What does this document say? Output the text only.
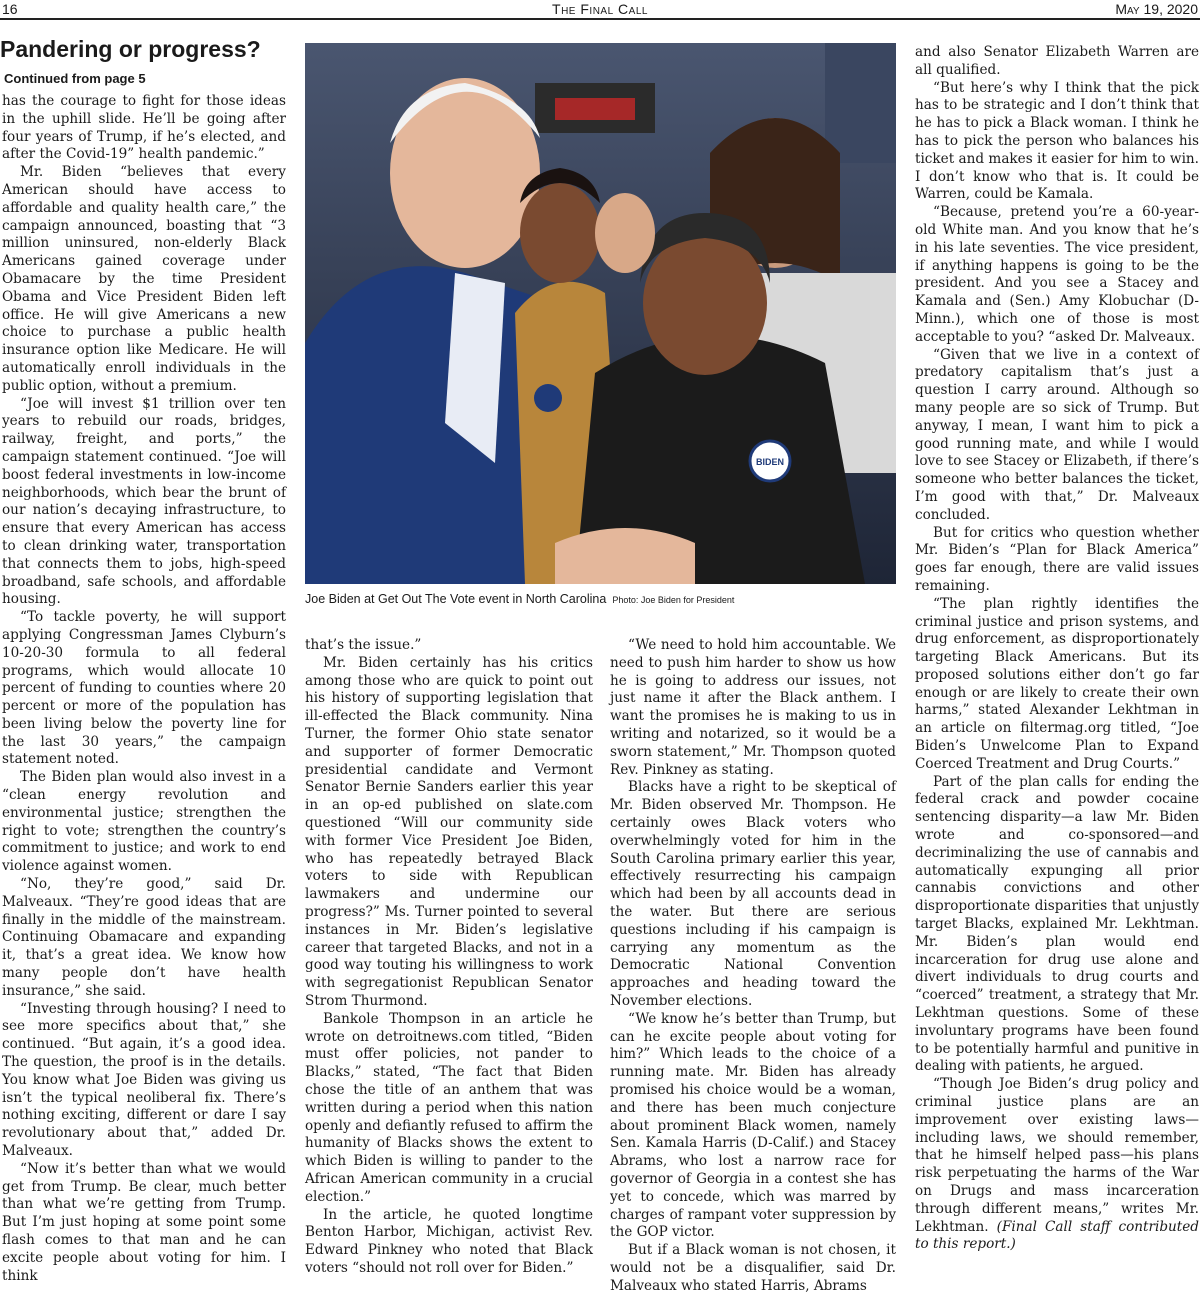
16	The Final Call	May 19, 2020
Pandering or progress?
Continued from page 5

has the courage to fight for those ideas in the uphill slide. He’ll be going after four years of Trump, if he’s elected, and after the Covid-19” health pandemic.”

Mr. Biden “believes that every American should have access to affordable and quality health care,” the campaign announced, boasting that “3 million uninsured, non-elderly Black Americans gained coverage under Obamacare by the time President Obama and Vice President Biden left office. He will give Americans a new choice to purchase a public health insurance option like Medicare. He will automatically enroll individuals in the public option, without a premium.

“Joe will invest $1 trillion over ten years to rebuild our roads, bridges, railway, freight, and ports,” the campaign statement continued. “Joe will boost federal investments in low-income neighborhoods, which bear the brunt of our nation’s decaying infrastructure, to ensure that every American has access to clean drinking water, transportation that connects them to jobs, high-speed broadband, safe schools, and affordable housing.

“To tackle poverty, he will support applying Congressman James Clyburn’s 10-20-30 formula to all federal programs, which would allocate 10 percent of funding to counties where 20 percent or more of the population has been living below the poverty line for the last 30 years,” the campaign statement noted.

The Biden plan would also invest in a “clean energy revolution and environmental justice; strengthen the right to vote; strengthen the country’s commitment to justice; and work to end violence against women.

“No, they’re good,” said Dr. Malveaux. “They’re good ideas that are finally in the middle of the mainstream. Continuing Obamacare and expanding it, that’s a great idea. We know how many people don’t have health insurance,” she said.

“Investing through housing? I need to see more specifics about that,” she continued. “But again, it’s a good idea. The question, the proof is in the details. You know what Joe Biden was giving us isn’t the typical neoliberal fix. There’s nothing exciting, different or dare I say revolutionary about that,” added Dr. Malveaux.

“Now it’s better than what we would get from Trump. Be clear, much better than what we’re getting from Trump. But I’m just hoping at some point some flash comes to that man and he can excite people about voting for him. I think

BIDEN
Joe Biden at Get Out The Vote event in North Carolina Photo: Joe Biden for President

that’s the issue.”

Mr. Biden certainly has his critics among those who are quick to point out his history of supporting legislation that ill-effected the Black community. Nina Turner, the former Ohio state senator and supporter of former Democratic presidential candidate and Vermont Senator Bernie Sanders earlier this year in an op-ed published on slate.com questioned “Will our community side with former Vice President Joe Biden, who has repeatedly betrayed Black voters to side with Republican lawmakers and undermine our progress?” Ms. Turner pointed to several instances in Mr. Biden’s legislative career that targeted Blacks, and not in a good way touting his willingness to work with segregationist Republican Senator Strom Thurmond.

Bankole Thompson in an article he wrote on detroitnews.com titled, “Biden must offer policies, not pander to Blacks,” stated, “The fact that Biden chose the title of an anthem that was written during a period when this nation openly and defiantly refused to affirm the humanity of Blacks shows the extent to which Biden is willing to pander to the African American community in a crucial election.”

In the article, he quoted longtime Benton Harbor, Michigan, activist Rev. Edward Pinkney who noted that Black voters “should not roll over for Biden.”

“We need to hold him accountable. We need to push him harder to show us how he is going to address our issues, not just name it after the Black anthem. I want the promises he is making to us in writing and notarized, so it would be a sworn statement,” Mr. Thompson quoted Rev. Pinkney as stating.

Blacks have a right to be skeptical of Mr. Biden observed Mr. Thompson. He certainly owes Black voters who overwhelmingly voted for him in the South Carolina primary earlier this year, effectively resurrecting his campaign which had been by all accounts dead in the water. But there are serious questions including if his campaign is carrying any momentum as the Democratic National Convention approaches and heading toward the November elections.

“We know he’s better than Trump, but can he excite people about voting for him?” Which leads to the choice of a running mate. Mr. Biden has already promised his choice would be a woman, and there has been much conjecture about prominent Black women, namely Sen. Kamala Harris (D-Calif.) and Stacey Abrams, who lost a narrow race for governor of Georgia in a contest she has yet to concede, which was marred by charges of rampant voter suppression by the GOP victor.

But if a Black woman is not chosen, it would not be a disqualifier, said Dr. Malveaux who stated Harris, Abrams

and also Senator Elizabeth Warren are all qualified.

“But here’s why I think that the pick has to be strategic and I don’t think that he has to pick a Black woman. I think he has to pick the person who balances his ticket and makes it easier for him to win. I don’t know who that is. It could be Warren, could be Kamala.

“Because, pretend you’re a 60-year-old White man. And you know that he’s in his late seventies. The vice president, if anything happens is going to be the president. And you see a Stacey and Kamala and (Sen.) Amy Klobuchar (D-Minn.), which one of those is most acceptable to you? “asked Dr. Malveaux.

“Given that we live in a context of predatory capitalism that’s just a question I carry around. Although so many people are so sick of Trump. But anyway, I mean, I want him to pick a good running mate, and while I would love to see Stacey or Elizabeth, if there’s someone who better balances the ticket, I’m good with that,” Dr. Malveaux concluded.

But for critics who question whether Mr. Biden’s “Plan for Black America” goes far enough, there are valid issues remaining.

“The plan rightly identifies the criminal justice and prison systems, and drug enforcement, as disproportionately targeting Black Americans. But its proposed solutions either don’t go far enough or are likely to create their own harms,” stated Alexander Lekhtman in an article on filtermag.org titled, “Joe Biden’s Unwelcome Plan to Expand Coerced Treatment and Drug Courts.”

Part of the plan calls for ending the federal crack and powder cocaine sentencing disparity—a law Mr. Biden wrote and co-sponsored—and decriminalizing the use of cannabis and automatically expunging all prior cannabis convictions and other disproportionate disparities that unjustly target Blacks, explained Mr. Lekhtman. Mr. Biden’s plan would end incarceration for drug use alone and divert individuals to drug courts and “coerced” treatment, a strategy that Mr. Lekhtman questions. Some of these involuntary programs have been found to be potentially harmful and punitive in dealing with patients, he argued.

“Though Joe Biden’s drug policy and criminal justice plans are an improvement over existing laws—including laws, we should remember, that he himself helped pass—his plans risk perpetuating the harms of the War on Drugs and mass incarceration through different means,” writes Mr. Lekhtman. (Final Call staff contributed to this report.)
